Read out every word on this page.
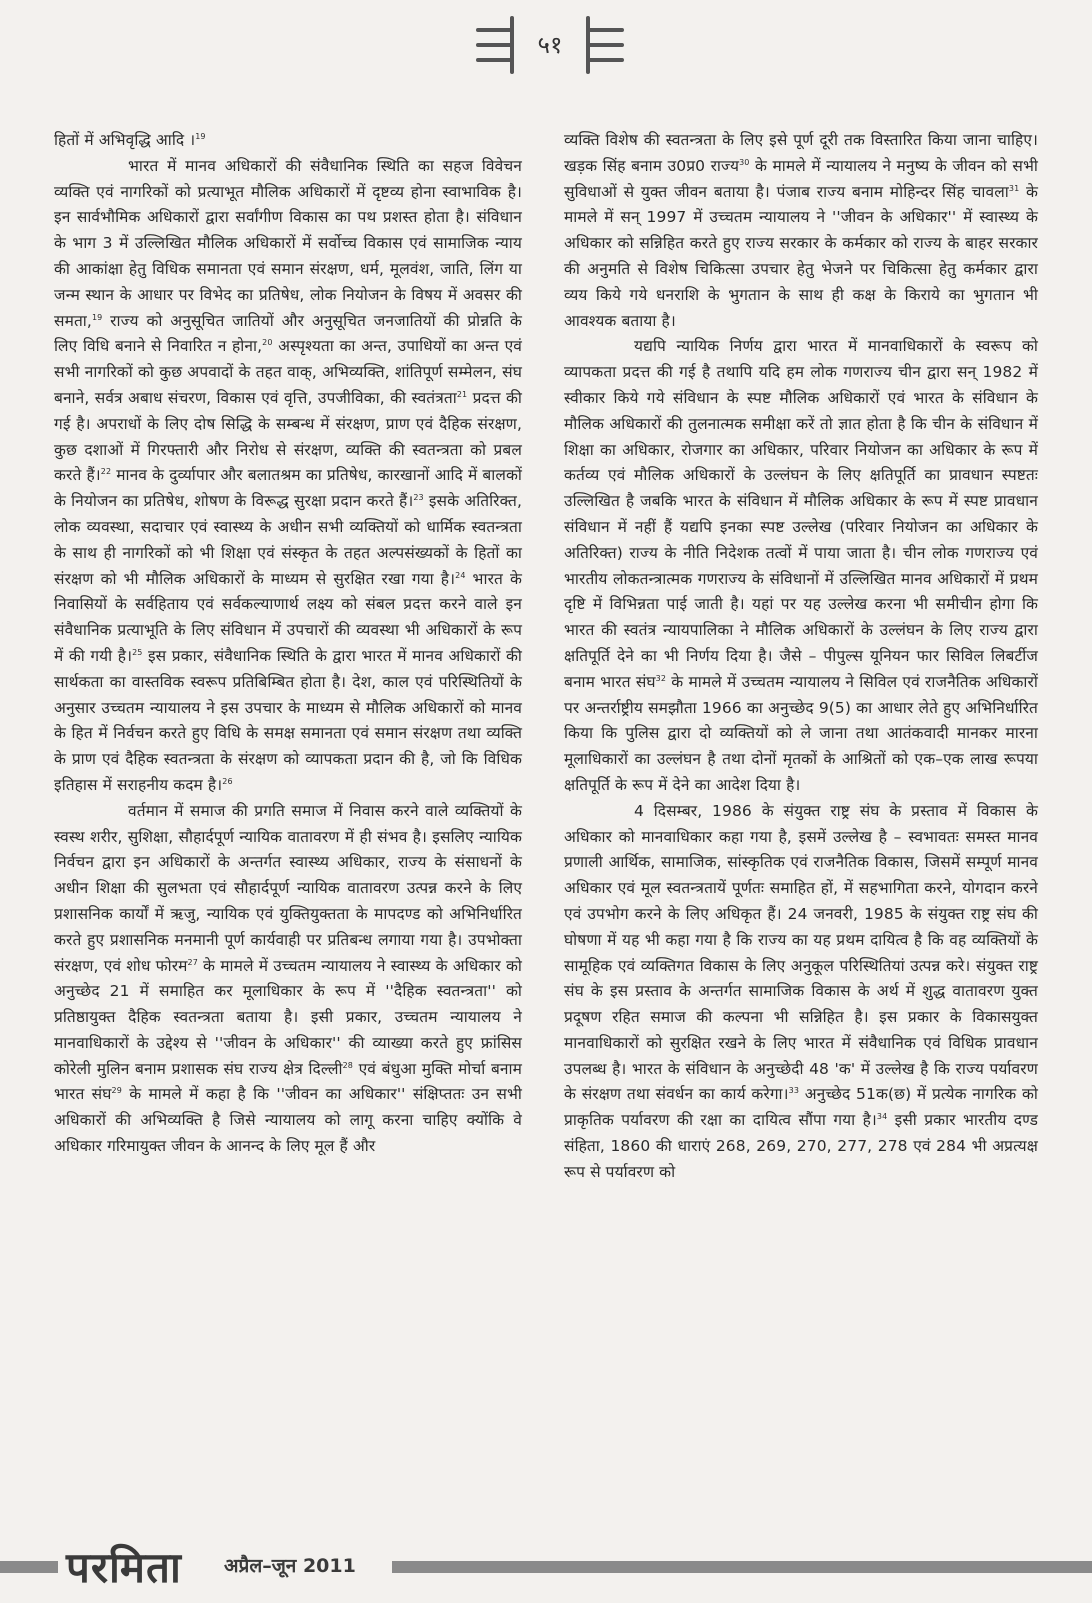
५१

हितों में अभिवृद्धि आदि ।$^{19}$

भारत में मानव अधिकारों की संवैधानिक स्थिति का सहज विवेचन व्यक्ति एवं नागरिकों को प्रत्याभूत मौलिक अधिकारों में दृष्टव्य होना स्वाभाविक है। इन सार्वभौमिक अधिकारों द्वारा सर्वांगीण विकास का पथ प्रशस्त होता है। संविधान के भाग 3 में उल्लिखित मौलिक अधिकारों में सर्वोच्च विकास एवं सामाजिक न्याय की आकांक्षा हेतु विधिक समानता एवं समान संरक्षण, धर्म, मूलवंश, जाति, लिंग या जन्म स्थान के आधार पर विभेद का प्रतिषेध, लोक नियोजन के विषय में अवसर की समता,$^{19}$ राज्य को अनुसूचित जातियों और अनुसूचित जनजातियों की प्रोन्नति के लिए विधि बनाने से निवारित न होना,$^{20}$ अस्पृश्यता का अन्त, उपाधियों का अन्त एवं सभी नागरिकों को कुछ अपवादों के तहत वाक्, अभिव्यक्ति, शांतिपूर्ण सम्मेलन, संघ बनाने, सर्वत्र अबाध संचरण, विकास एवं वृत्ति, उपजीविका, की स्वतंत्रता$^{21}$ प्रदत्त की गई है। अपराधों के लिए दोष सिद्धि के सम्बन्ध में संरक्षण, प्राण एवं दैहिक संरक्षण, कुछ दशाओं में गिरफ्तारी और निरोध से संरक्षण, व्यक्ति की स्वतन्त्रता को प्रबल करते हैं।$^{22}$ मानव के दुर्व्यापार और बलातश्रम का प्रतिषेध, कारखानों आदि में बालकों के नियोजन का प्रतिषेध, शोषण के विरूद्ध सुरक्षा प्रदान करते हैं।$^{23}$ इसके अतिरिक्त, लोक व्यवस्था, सदाचार एवं स्वास्थ्य के अधीन सभी व्यक्तियों को धार्मिक स्वतन्त्रता के साथ ही नागरिकों को भी शिक्षा एवं संस्कृत के तहत अल्पसंख्यकों के हितों का संरक्षण को भी मौलिक अधिकारों के माध्यम से सुरक्षित रखा गया है।$^{24}$ भारत के निवासियों के सर्वहिताय एवं सर्वकल्याणार्थ लक्ष्य को संबल प्रदत्त करने वाले इन संवैधानिक प्रत्याभूति के लिए संविधान में उपचारों की व्यवस्था भी अधिकारों के रूप में की गयी है।$^{25}$ इस प्रकार, संवैधानिक स्थिति के द्वारा भारत में मानव अधिकारों की सार्थकता का वास्तविक स्वरूप प्रतिबिम्बित होता है। देश, काल एवं परिस्थितियों के अनुसार उच्चतम न्यायालय ने इस उपचार के माध्यम से मौलिक अधिकारों को मानव के हित में निर्वचन करते हुए विधि के समक्ष समानता एवं समान संरक्षण तथा व्यक्ति के प्राण एवं दैहिक स्वतन्त्रता के संरक्षण को व्यापकता प्रदान की है, जो कि विधिक इतिहास में सराहनीय कदम है।$^{26}$

वर्तमान में समाज की प्रगति समाज में निवास करने वाले व्यक्तियों के स्वस्थ शरीर, सुशिक्षा, सौहार्दपूर्ण न्यायिक वातावरण में ही संभव है। इसलिए न्यायिक निर्वचन द्वारा इन अधिकारों के अन्तर्गत स्वास्थ्य अधिकार, राज्य के संसाधनों के अधीन शिक्षा की सुलभता एवं सौहार्दपूर्ण न्यायिक वातावरण उत्पन्न करने के लिए प्रशासनिक कार्यों में ऋजु, न्यायिक एवं युक्तियुक्तता के मापदण्ड को अभिनिर्धारित करते हुए प्रशासनिक मनमानी पूर्ण कार्यवाही पर प्रतिबन्ध लगाया गया है। उपभोक्ता संरक्षण, एवं शोध फोरम$^{27}$ के मामले में उच्चतम न्यायालय ने स्वास्थ्य के अधिकार को अनुच्छेद 21 में समाहित कर मूलाधिकार के रूप में ''दैहिक स्वतन्त्रता'' को प्रतिष्ठायुक्त दैहिक स्वतन्त्रता बताया है। इसी प्रकार, उच्चतम न्यायालय ने मानवाधिकारों के उद्देश्य से ''जीवन के अधिकार'' की व्याख्या करते हुए फ्रांसिस कोरेली मुलिन बनाम प्रशासक संघ राज्य क्षेत्र दिल्ली$^{28}$ एवं बंधुआ मुक्ति मोर्चा बनाम भारत संघ$^{29}$ के मामले में कहा है कि ''जीवन का अधिकार'' संक्षिप्ततः उन सभी अधिकारों की अभिव्यक्ति है जिसे न्यायालय को लागू करना चाहिए क्योंकि वे अधिकार गरिमायुक्त जीवन के आनन्द के लिए मूल हैं और

व्यक्ति विशेष की स्वतन्त्रता के लिए इसे पूर्ण दूरी तक विस्तारित किया जाना चाहिए। खड़क सिंह बनाम उ0प्र0 राज्य$^{30}$ के मामले में न्यायालय ने मनुष्य के जीवन को सभी सुविधाओं से युक्त जीवन बताया है। पंजाब राज्य बनाम मोहिन्दर सिंह चावला$^{31}$ के मामले में सन् 1997 में उच्चतम न्यायालय ने ''जीवन के अधिकार'' में स्वास्थ्य के अधिकार को सन्निहित करते हुए राज्य सरकार के कर्मकार को राज्य के बाहर सरकार की अनुमति से विशेष चिकित्सा उपचार हेतु भेजने पर चिकित्सा हेतु कर्मकार द्वारा व्यय किये गये धनराशि के भुगतान के साथ ही कक्ष के किराये का भुगतान भी आवश्यक बताया है।

यद्यपि न्यायिक निर्णय द्वारा भारत में मानवाधिकारों के स्वरूप को व्यापकता प्रदत्त की गई है तथापि यदि हम लोक गणराज्य चीन द्वारा सन् 1982 में स्वीकार किये गये संविधान के स्पष्ट मौलिक अधिकारों एवं भारत के संविधान के मौलिक अधिकारों की तुलनात्मक समीक्षा करें तो ज्ञात होता है कि चीन के संविधान में शिक्षा का अधिकार, रोजगार का अधिकार, परिवार नियोजन का अधिकार के रूप में कर्तव्य एवं मौलिक अधिकारों के उल्लंघन के लिए क्षतिपूर्ति का प्रावधान स्पष्टतः उल्लिखित है जबकि भारत के संविधान में मौलिक अधिकार के रूप में स्पष्ट प्रावधान संविधान में नहीं हैं यद्यपि इनका स्पष्ट उल्लेख (परिवार नियोजन का अधिकार के अतिरिक्त) राज्य के नीति निदेशक तत्वों में पाया जाता है। चीन लोक गणराज्य एवं भारतीय लोकतन्त्रात्मक गणराज्य के संविधानों में उल्लिखित मानव अधिकारों में प्रथम दृष्टि में विभिन्नता पाई जाती है। यहां पर यह उल्लेख करना भी समीचीन होगा कि भारत की स्वतंत्र न्यायपालिका ने मौलिक अधिकारों के उल्लंघन के लिए राज्य द्वारा क्षतिपूर्ति देने का भी निर्णय दिया है। जैसे – पीपुल्स यूनियन फार सिविल लिबर्टीज बनाम भारत संघ$^{32}$ के मामले में उच्चतम न्यायालय ने सिविल एवं राजनैतिक अधिकारों पर अन्तर्राष्ट्रीय समझौता 1966 का अनुच्छेद 9(5) का आधार लेते हुए अभिनिर्धारित किया कि पुलिस द्वारा दो व्यक्तियों को ले जाना तथा आतंकवादी मानकर मारना मूलाधिकारों का उल्लंघन है तथा दोनों मृतकों के आश्रितों को एक–एक लाख रूपया क्षतिपूर्ति के रूप में देने का आदेश दिया है।

4 दिसम्बर, 1986 के संयुक्त राष्ट्र संघ के प्रस्ताव में विकास के अधिकार को मानवाधिकार कहा गया है, इसमें उल्लेख है – स्वभावतः समस्त मानव प्रणाली आर्थिक, सामाजिक, सांस्कृतिक एवं राजनैतिक विकास, जिसमें सम्पूर्ण मानव अधिकार एवं मूल स्वतन्त्रतायें पूर्णतः समाहित हों, में सहभागिता करने, योगदान करने एवं उपभोग करने के लिए अधिकृत हैं। 24 जनवरी, 1985 के संयुक्त राष्ट्र संघ की घोषणा में यह भी कहा गया है कि राज्य का यह प्रथम दायित्व है कि वह व्यक्तियों के सामूहिक एवं व्यक्तिगत विकास के लिए अनुकूल परिस्थितियां उत्पन्न करे। संयुक्त राष्ट्र संघ के इस प्रस्ताव के अन्तर्गत सामाजिक विकास के अर्थ में शुद्ध वातावरण युक्त प्रदूषण रहित समाज की कल्पना भी सन्निहित है। इस प्रकार के विकासयुक्त मानवाधिकारों को सुरक्षित रखने के लिए भारत में संवैधानिक एवं विधिक प्रावधान उपलब्ध है। भारत के संविधान के अनुच्छेदी 48 'क' में उल्लेख है कि राज्य पर्यावरण के संरक्षण तथा संवर्धन का कार्य करेगा।$^{33}$ अनुच्छेद 51क(छ) में प्रत्येक नागरिक को प्राकृतिक पर्यावरण की रक्षा का दायित्व सौंपा गया है।$^{34}$ इसी प्रकार भारतीय दण्ड संहिता, 1860 की धाराएं 268, 269, 270, 277, 278 एवं 284 भी अप्रत्यक्ष रूप से पर्यावरण को

परमिता अप्रैल–जून 2011
